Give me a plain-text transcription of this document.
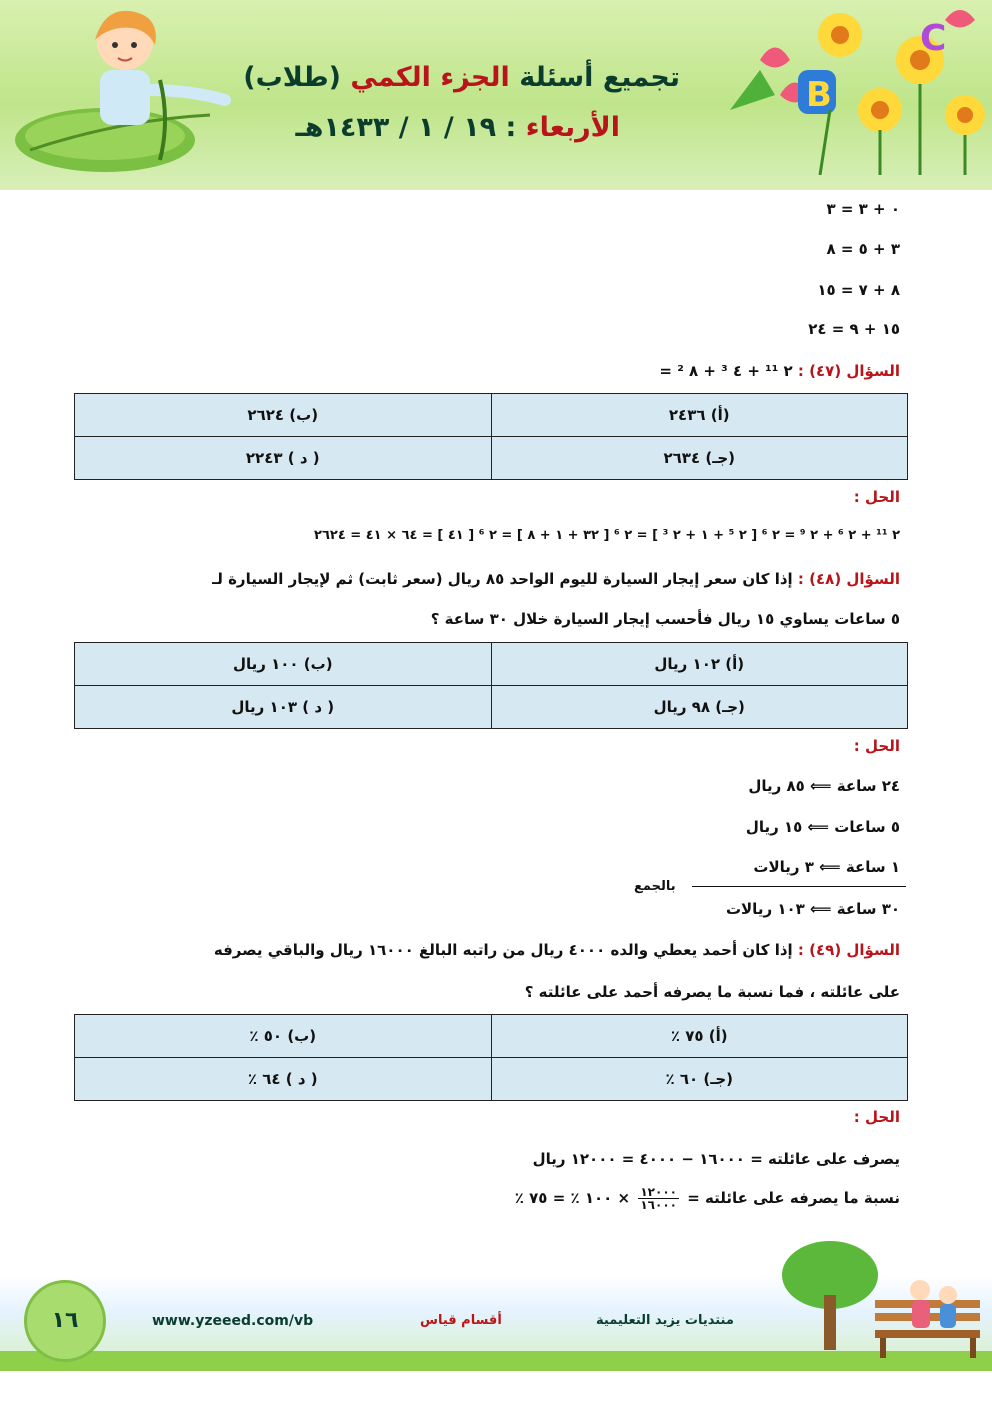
B
C
تجميع أسئلة الجزء الكمي (طلاب)
الأربعاء : ١٩ / ١ / ١٤٣٣هـ
٠ + ٣ = ٣
٣ + ٥ = ٨
٨ + ٧ = ١٥
١٥ + ٩ = ٢٤
السؤال (٤٧) : ٢ ¹¹ + ٤ ³ + ٨ ² =
(أ) ٢٤٣٦	(ب) ٢٦٢٤
(جـ) ٢٦٣٤	( د ) ٢٢٤٣
الحل :
٢ ¹¹ + ٢ ⁶ + ٢ ⁹ = ٢ ⁶ [ ٢ ⁵ + ١ + ٢ ³ ] = ٢ ⁶ [ ٣٢ + ١ + ٨ ] = ٢ ⁶ [ ٤١ ] = ٦٤ × ٤١ = ٢٦٢٤
السؤال (٤٨) : إذا كان سعر إيجار السيارة لليوم الواحد ٨٥ ريال (سعر ثابت) ثم لإيجار السيارة لـ
٥ ساعات يساوي ١٥ ريال فأحسب إيجار السيارة خلال ٣٠ ساعة ؟
(أ) ١٠٢ ريال	(ب) ١٠٠ ريال
(جـ) ٩٨ ريال	( د ) ١٠٣ ريال
الحل :
٢٤ ساعة ⟸ ٨٥ ريال
٥ ساعات ⟸ ١٥ ريال
١ ساعة ⟸ ٣ ريالات
بالجمع
٣٠ ساعة ⟸ ١٠٣ ريالات
السؤال (٤٩) : إذا كان أحمد يعطي والده ٤٠٠٠ ريال من راتبه البالغ ١٦٠٠٠ ريال والباقي يصرفه
على عائلته ، فما نسبة ما يصرفه أحمد على عائلته ؟
(أ) ٧٥ ٪	(ب) ٥٠ ٪
(جـ) ٦٠ ٪	( د ) ٦٤ ٪
الحل :
يصرف على عائلته = ١٦٠٠٠ − ٤٠٠٠ = ١٢٠٠٠ ريال
نسبة ما يصرفه على عائلته =
$\frac{١٢٠٠٠}{١٦٠٠٠}$
× ١٠٠ ٪ = ٧٥ ٪
١٦	www.yzeeed.com/vb	أقسام قياس	منتديات يزيد التعليمية
